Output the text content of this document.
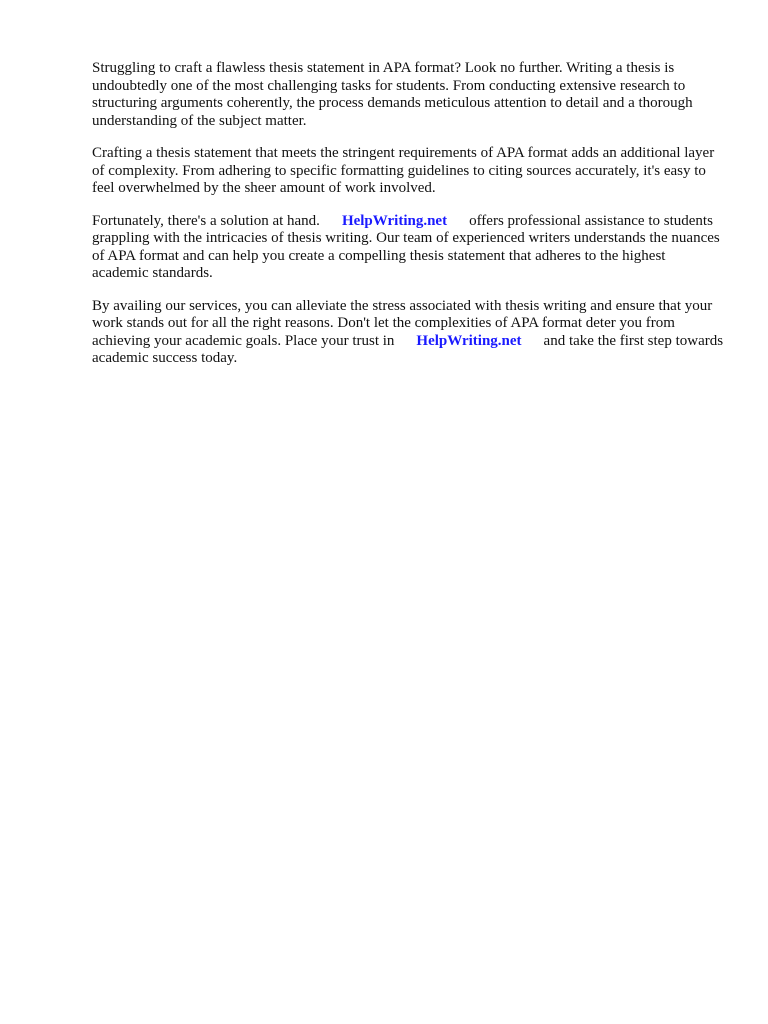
Struggling to craft a flawless thesis statement in APA format? Look no further. Writing a thesis is undoubtedly one of the most challenging tasks for students. From conducting extensive research to structuring arguments coherently, the process demands meticulous attention to detail and a thorough understanding of the subject matter.

Crafting a thesis statement that meets the stringent requirements of APA format adds an additional layer of complexity. From adhering to specific formatting guidelines to citing sources accurately, it's easy to feel overwhelmed by the sheer amount of work involved.

Fortunately, there's a solution at hand. HelpWriting.net offers professional assistance to students grappling with the intricacies of thesis writing. Our team of experienced writers understands the nuances of APA format and can help you create a compelling thesis statement that adheres to the highest academic standards.

By availing our services, you can alleviate the stress associated with thesis writing and ensure that your work stands out for all the right reasons. Don't let the complexities of APA format deter you from achieving your academic goals. Place your trust in HelpWriting.net and take the first step towards academic success today.
